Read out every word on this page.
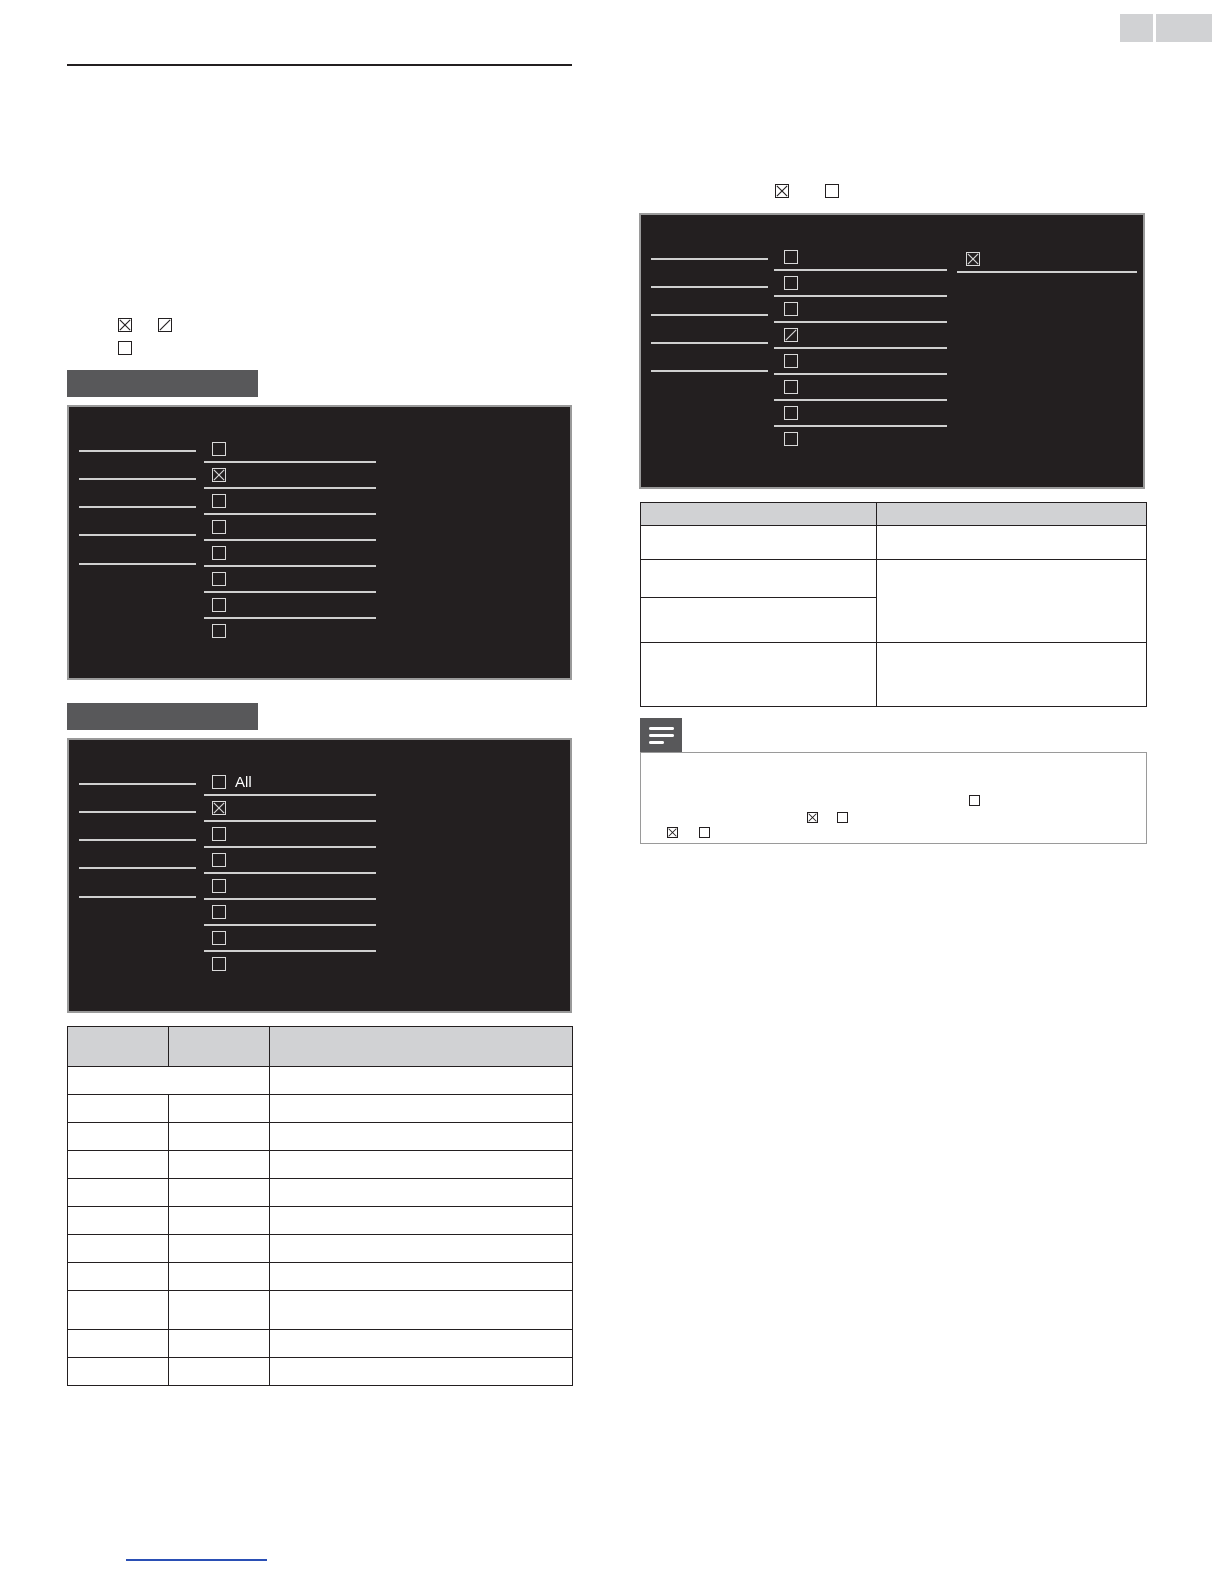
All
